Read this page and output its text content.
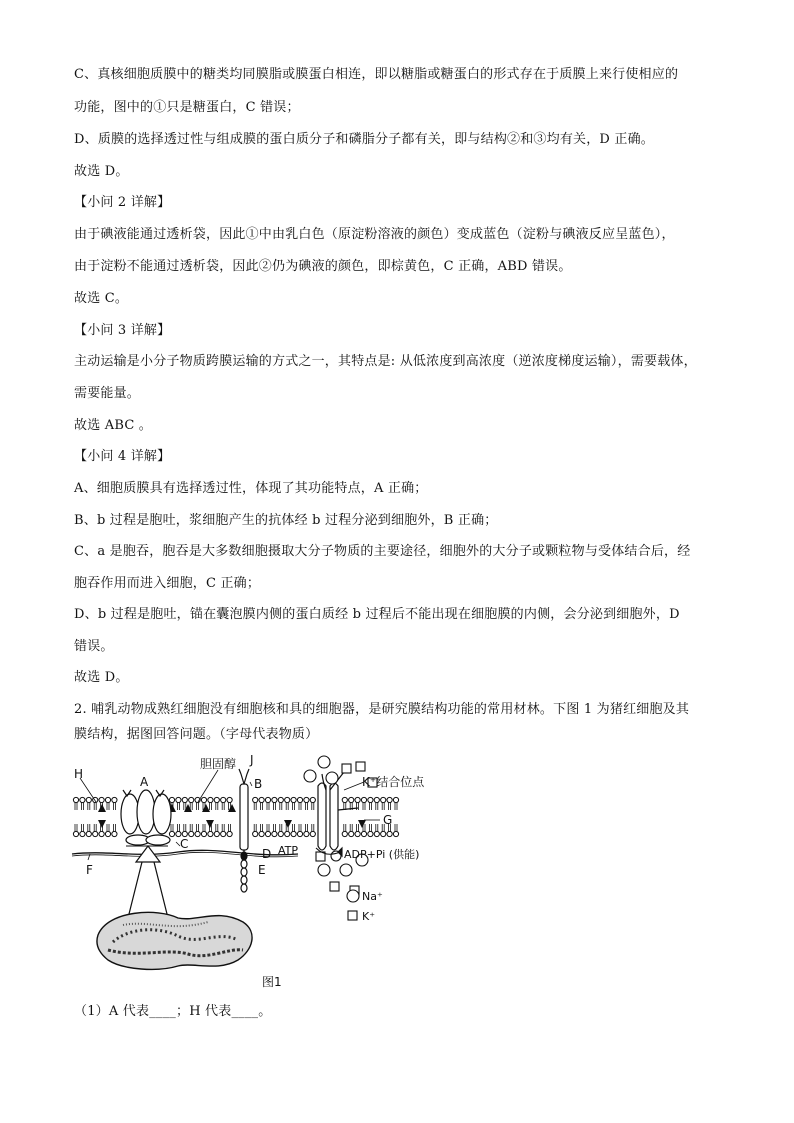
C、真核细胞质膜中的糖类均同膜脂或膜蛋白相连，即以糖脂或糖蛋白的形式存在于质膜上来行使相应的
功能，图中的①只是糖蛋白，C 错误；
D、质膜的选择透过性与组成膜的蛋白质分子和磷脂分子都有关，即与结构②和③均有关，D 正确。
故选 D。
【小问 2 详解】
由于碘液能通过透析袋，因此①中由乳白色（原淀粉溶液的颜色）变成蓝色（淀粉与碘液反应呈蓝色），
由于淀粉不能通过透析袋，因此②仍为碘液的颜色，即棕黄色，C 正确，ABD 错误。
故选 C。
【小问 3 详解】
主动运输是小分子物质跨膜运输的方式之一，其特点是: 从低浓度到高浓度（逆浓度梯度运输），需要载体，
需要能量。
故选 ABC 。
【小问 4 详解】
A、细胞质膜具有选择透过性，体现了其功能特点，A 正确；
B、b 过程是胞吐，浆细胞产生的抗体经 b 过程分泌到细胞外，B 正确；
C、a 是胞吞，胞吞是大多数细胞摄取大分子物质的主要途径，细胞外的大分子或颗粒物与受体结合后，经
胞吞作用而进入细胞，C 正确；
D、b 过程是胞吐，锚在囊泡膜内侧的蛋白质经 b 过程后不能出现在细胞膜的内侧，会分泌到细胞外，D
错误。
故选 D。
2. 哺乳动物成熟红细胞没有细胞核和具的细胞器，是研究膜结构功能的常用材林。下图 1 为猪红细胞及其
膜结构，据图回答问题。（字母代表物质）
H
A
胆固醇 J
B	K⁺结合位点
G
C
D
E
F
ATP	ADP+Pi (供能)
Na⁺
K⁺
图1
（1）A 代表____；H 代表____。
